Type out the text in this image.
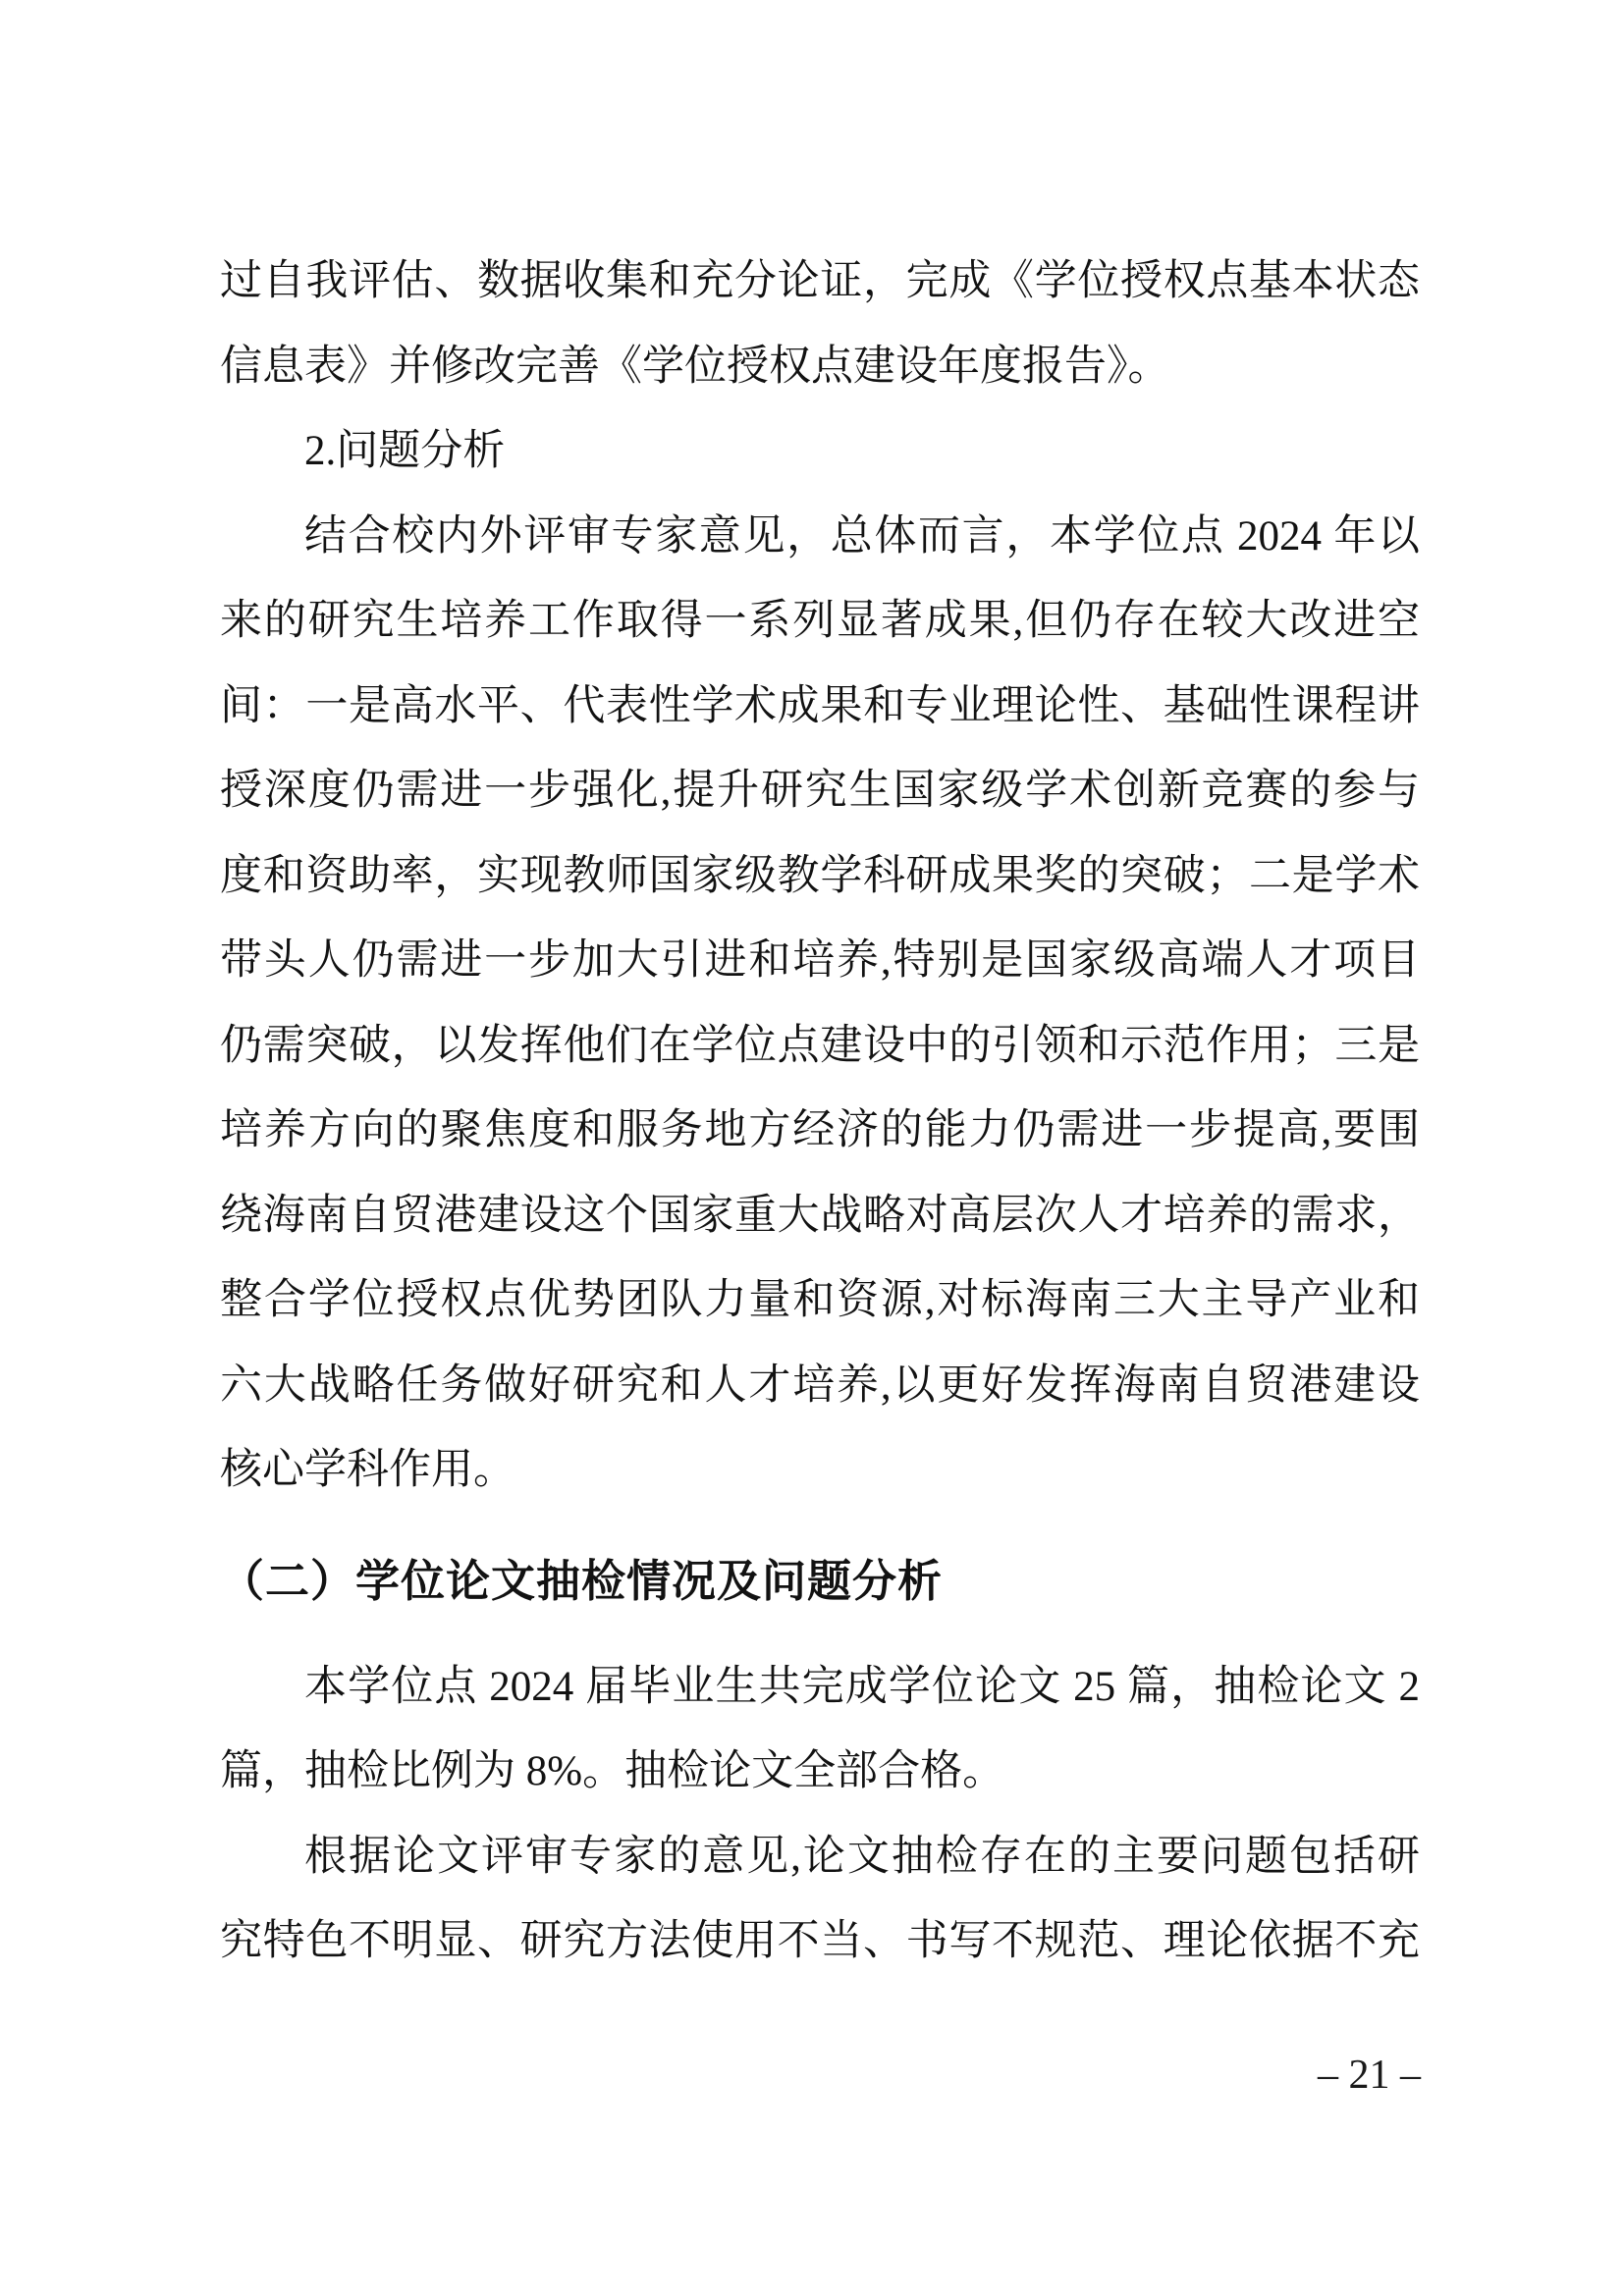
过自我评估、数据收集和充分论证，完成《学位授权点基本状态
信息表》并修改完善《学位授权点建设年度报告》。
2.问题分析
结合校内外评审专家意见，总体而言，本学位点 2024 年以
来的研究生培养工作取得一系列显著成果,但仍存在较大改进空
间：一是高水平、代表性学术成果和专业理论性、基础性课程讲
授深度仍需进一步强化,提升研究生国家级学术创新竞赛的参与
度和资助率，实现教师国家级教学科研成果奖的突破；二是学术
带头人仍需进一步加大引进和培养,特别是国家级高端人才项目
仍需突破，以发挥他们在学位点建设中的引领和示范作用；三是
培养方向的聚焦度和服务地方经济的能力仍需进一步提高,要围
绕海南自贸港建设这个国家重大战略对高层次人才培养的需求，
整合学位授权点优势团队力量和资源,对标海南三大主导产业和
六大战略任务做好研究和人才培养,以更好发挥海南自贸港建设
核心学科作用。
（二）学位论文抽检情况及问题分析
本学位点 2024 届毕业生共完成学位论文 25 篇，抽检论文 2
篇，抽检比例为 8%。抽检论文全部合格。
根据论文评审专家的意见,论文抽检存在的主要问题包括研
究特色不明显、研究方法使用不当、书写不规范、理论依据不充
– 21 –
